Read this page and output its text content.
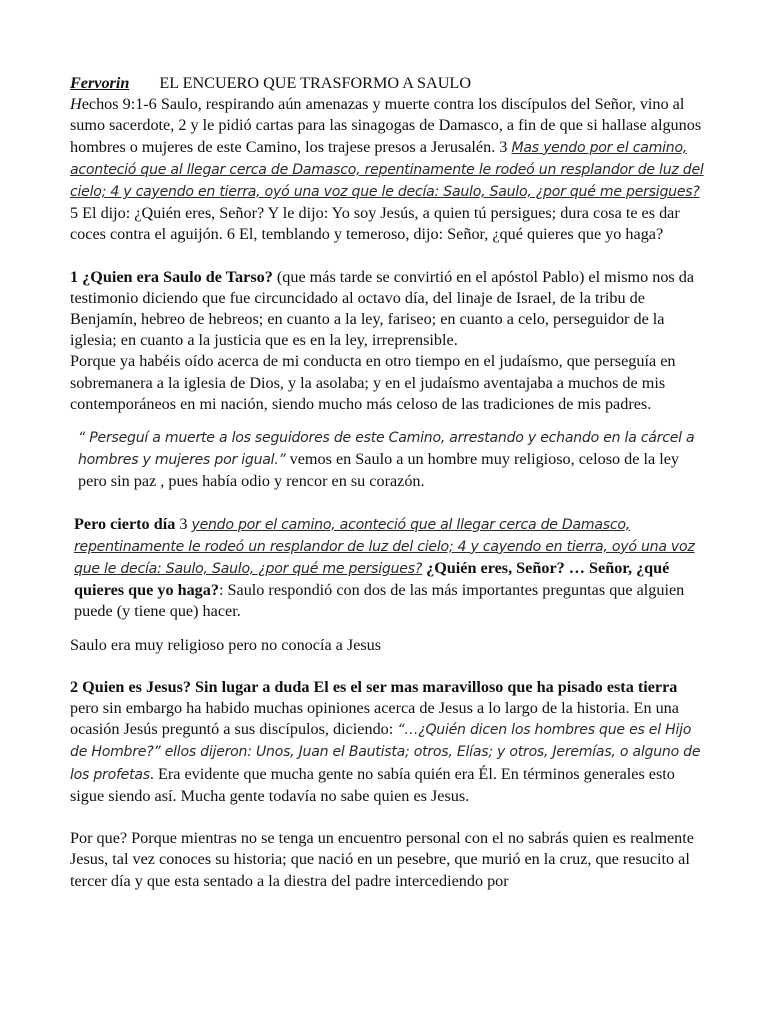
Fervorin EL ENCUERO QUE TRASFORMO A SAULO

Hechos 9:1-6 Saulo, respirando aún amenazas y muerte contra los discípulos del Señor, vino al sumo sacerdote, 2 y le pidió cartas para las sinagogas de Damasco, a fin de que si hallase algunos hombres o mujeres de este Camino, los trajese presos a Jerusalén. 3 Mas yendo por el camino, aconteció que al llegar cerca de Damasco, repentinamente le rodeó un resplandor de luz del cielo; 4 y cayendo en tierra, oyó una voz que le decía: Saulo, Saulo, ¿por qué me persigues? 5 El dijo: ¿Quién eres, Señor? Y le dijo: Yo soy Jesús, a quien tú persigues; dura cosa te es dar coces contra el aguijón. 6 El, temblando y temeroso, dijo: Señor, ¿qué quieres que yo haga?

1 ¿Quien era Saulo de Tarso? (que más tarde se convirtió en el apóstol Pablo) el mismo nos da testimonio diciendo que fue circuncidado al octavo día, del linaje de Israel, de la tribu de Benjamín, hebreo de hebreos; en cuanto a la ley, fariseo; en cuanto a celo, perseguidor de la iglesia; en cuanto a la justicia que es en la ley, irreprensible.

Porque ya habéis oído acerca de mi conducta en otro tiempo en el judaísmo, que perseguía en sobremanera a la iglesia de Dios, y la asolaba; y en el judaísmo aventajaba a muchos de mis contemporáneos en mi nación, siendo mucho más celoso de las tradiciones de mis padres.

“ Perseguí a muerte a los seguidores de este Camino, arrestando y echando en la cárcel a hombres y mujeres por igual.” vemos en Saulo a un hombre muy religioso, celoso de la ley pero sin paz , pues había odio y rencor en su corazón.

Pero cierto día 3 yendo por el camino, aconteció que al llegar cerca de Damasco, repentinamente le rodeó un resplandor de luz del cielo; 4 y cayendo en tierra, oyó una voz que le decía: Saulo, Saulo, ¿por qué me persigues? ¿Quién eres, Señor? … Señor, ¿qué quieres que yo haga?: Saulo respondió con dos de las más importantes preguntas que alguien puede (y tiene que) hacer.

Saulo era muy religioso pero no conocía a Jesus

2 Quien es Jesus? Sin lugar a duda El es el ser mas maravilloso que ha pisado esta tierra

pero sin embargo ha habido muchas opiniones acerca de Jesus a lo largo de la historia. En una ocasión Jesús preguntó a sus discípulos, diciendo: “…¿Quién dicen los hombres que es el Hijo de Hombre?” ellos dijeron: Unos, Juan el Bautista; otros, Elías; y otros, Jeremías, o alguno de los profetas. Era evidente que mucha gente no sabía quién era Él. En términos generales esto sigue siendo así. Mucha gente todavía no sabe quien es Jesus.

Por que? Porque mientras no se tenga un encuentro personal con el no sabrás quien es realmente Jesus, tal vez conoces su historia; que nació en un pesebre, que murió en la cruz, que resucito al tercer día y que esta sentado a la diestra del padre intercediendo por
